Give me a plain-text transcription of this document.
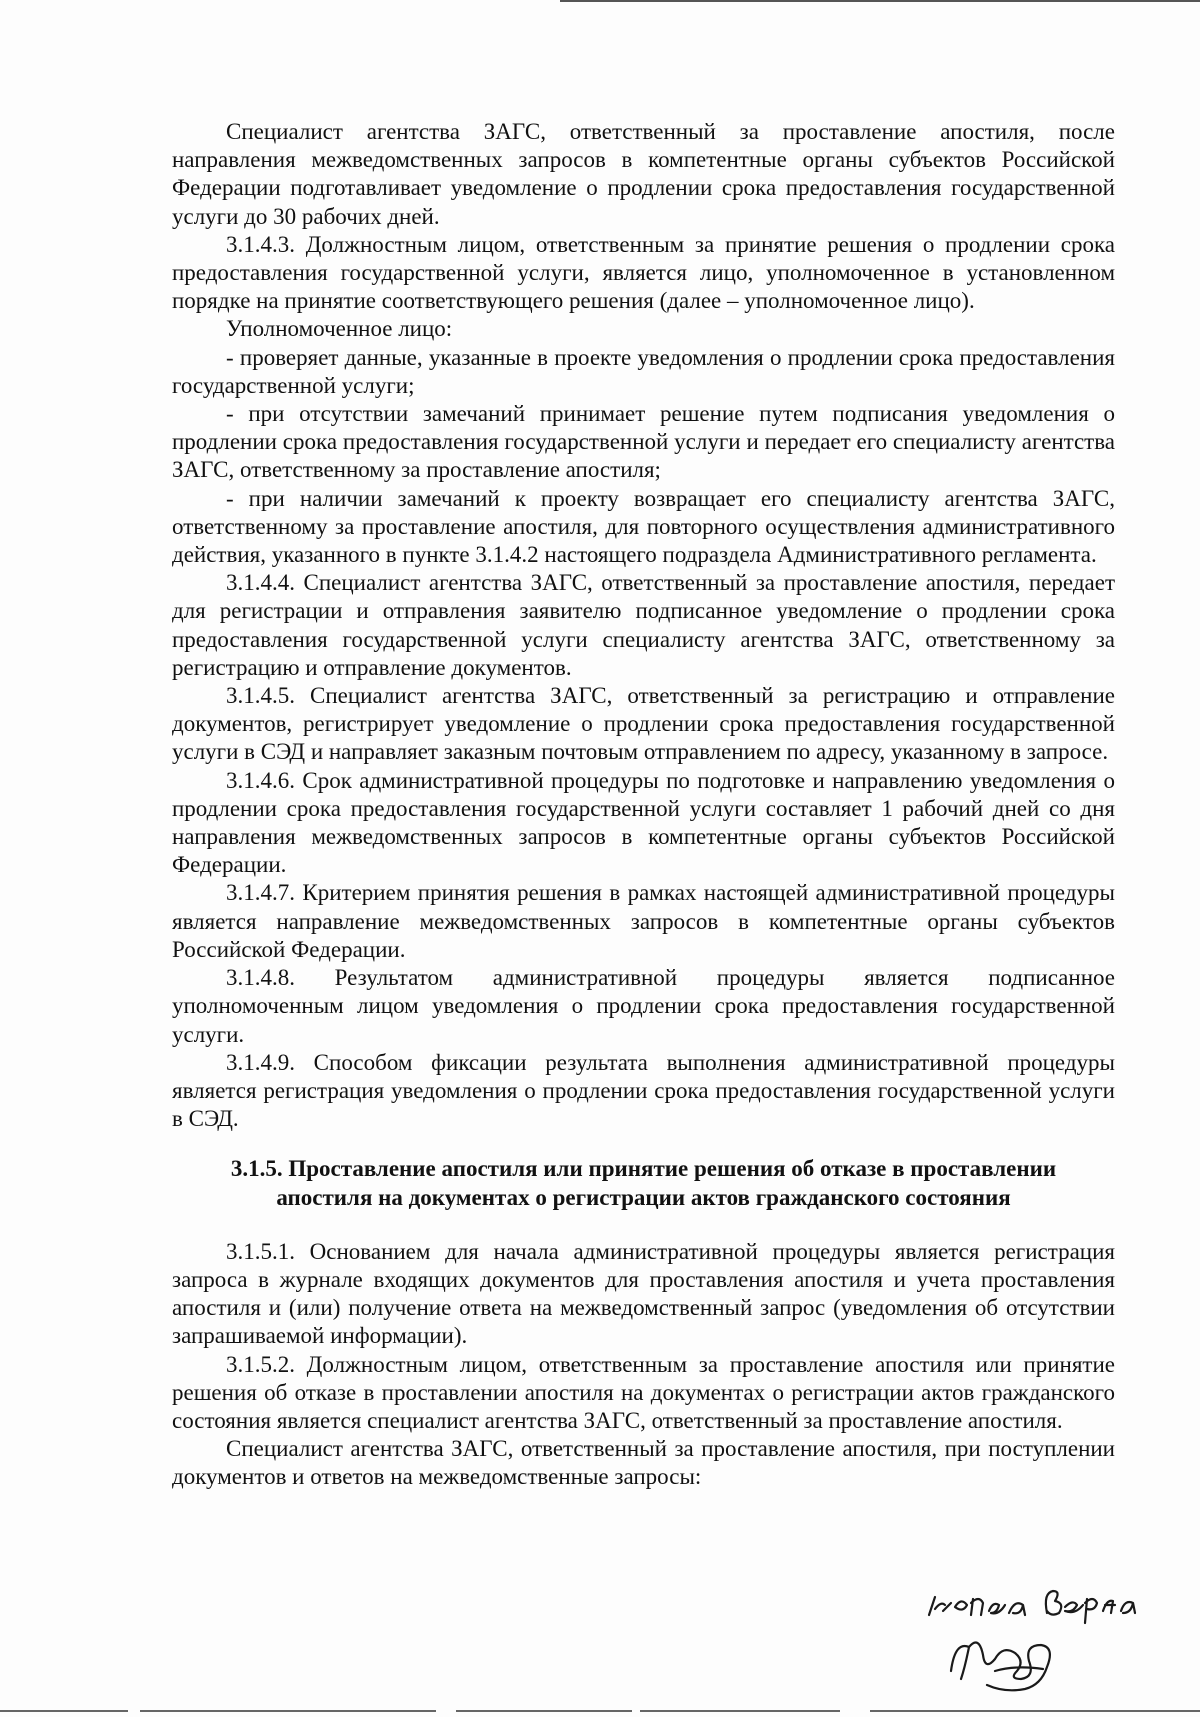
Специалист агентства ЗАГС, ответственный за проставление апостиля, после направления межведомственных запросов в компетентные органы субъектов Российской Федерации подготавливает уведомление о продлении срока предоставления государственной услуги до 30 рабочих дней.

3.1.4.3. Должностным лицом, ответственным за принятие решения о продлении срока предоставления государственной услуги, является лицо, уполномоченное в установленном порядке на принятие соответствующего решения (далее – уполномоченное лицо).

Уполномоченное лицо:

- проверяет данные, указанные в проекте уведомления о продлении срока предоставления государственной услуги;

- при отсутствии замечаний принимает решение путем подписания уведомления о продлении срока предоставления государственной услуги и передает его специалисту агентства ЗАГС, ответственному за проставление апостиля;

- при наличии замечаний к проекту возвращает его специалисту агентства ЗАГС, ответственному за проставление апостиля, для повторного осуществления административного действия, указанного в пункте 3.1.4.2 настоящего подраздела Административного регламента.

3.1.4.4. Специалист агентства ЗАГС, ответственный за проставление апостиля, передает для регистрации и отправления заявителю подписанное уведомление о продлении срока предоставления государственной услуги специалисту агентства ЗАГС, ответственному за регистрацию и отправление документов.

3.1.4.5. Специалист агентства ЗАГС, ответственный за регистрацию и отправление документов, регистрирует уведомление о продлении срока предоставления государственной услуги в СЭД и направляет заказным почтовым отправлением по адресу, указанному в запросе.

3.1.4.6. Срок административной процедуры по подготовке и направлению уведомления о продлении срока предоставления государственной услуги составляет 1 рабочий дней со дня направления межведомственных запросов в компетентные органы субъектов Российской Федерации.

3.1.4.7. Критерием принятия решения в рамках настоящей административной процедуры является направление межведомственных запросов в компетентные органы субъектов Российской Федерации.

3.1.4.8. Результатом административной процедуры является подписанное уполномоченным лицом уведомления о продлении срока предоставления государственной услуги.

3.1.4.9. Способом фиксации результата выполнения административной процедуры является регистрация уведомления о продлении срока предоставления государственной услуги в СЭД.

3.1.5. Проставление апостиля или принятие решения об отказе в проставлении
апостиля на документах о регистрации актов гражданского состояния

3.1.5.1. Основанием для начала административной процедуры является регистрация запроса в журнале входящих документов для проставления апостиля и учета проставления апостиля и (или) получение ответа на межведомственный запрос (уведомления об отсутствии запрашиваемой информации).

3.1.5.2. Должностным лицом, ответственным за проставление апостиля или принятие решения об отказе в проставлении апостиля на документах о регистрации актов гражданского состояния является специалист агентства ЗАГС, ответственный за проставление апостиля.

Специалист агентства ЗАГС, ответственный за проставление апостиля, при поступлении документов и ответов на межведомственные запросы:
